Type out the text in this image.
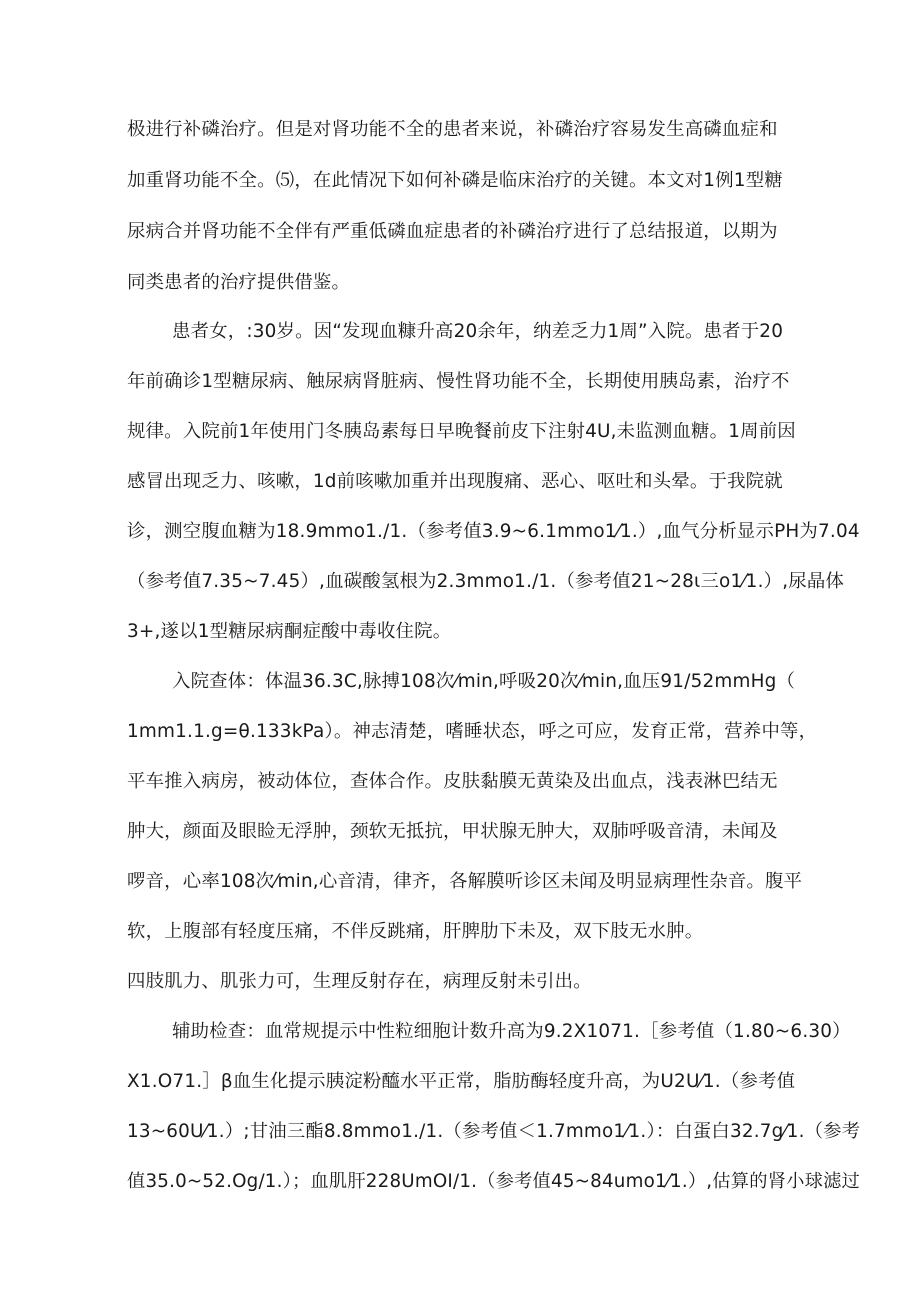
极进行补磷治疗。但是对肾功能不全的患者来说，补磷治疗容易发生高磷血症和
加重肾功能不全。⑸，在此情况下如何补磷是临床治疗的关键。本文对1例1型糖
尿病合并肾功能不全伴有严重低磷血症患者的补磷治疗进行了总结报道，以期为
同类患者的治疗提供借鉴。
患者女，:30岁。因“发现血糠升高20余年，纳差乏力1周”入院。患者于20
年前确诊1型糖尿病、触尿病肾脏病、慢性肾功能不全，长期使用胰岛素，治疗不
规律。入院前1年使用门冬胰岛素每日早晚餐前皮下注射4U,未监测血糖。1周前因
感冒出现乏力、咳嗽，1d前咳嗽加重并出现腹痛、恶心、呕吐和头晕。于我院就
诊，测空腹血糖为18.9mmo1./1.（参考值3.9~6.1mmo1⁄1.）,血气分析显示PH为7.04
（参考值7.35~7.45）,血碳酸氢根为2.3mmo1./1.（参考值21~28ι三o1⁄1.）,尿晶体
3+,遂以1型糖尿病酮症酸中毒收住院。
入院查体：体温36.3C,脉搏108次⁄min,呼吸20次⁄min,血压91/52mmHg（
1mm1.1.g=θ.133kPa）。神志清楚，嗜睡状态，呼之可应，发育正常，营养中等，
平车推入病房，被动体位，查体合作。皮肤黏膜无黄染及出血点，浅表淋巴结无
肿大，颜面及眼睑无浮肿，颈软无抵抗，甲状腺无肿大，双肺呼吸音清，未闻及
啰音，心率108次⁄min,心音清，律齐，各解膜听诊区未闻及明显病理性杂音。腹平
软，上腹部有轻度压痛，不伴反跳痛，肝脾肋下未及，双下肢无水肿。
四肢肌力、肌张力可，生理反射存在，病理反射未引出。
辅助检查：血常规提示中性粒细胞计数升高为9.2X1071.［参考值（1.80~6.30）
X1.O71.］β血生化提示胰淀粉醯水平正常，脂肪酶轻度升高，为U2U⁄1.（参考值
13~60U⁄1.）;甘油三酯8.8mmo1./1.（参考值＜1.7mmo1⁄1.）：白蛋白32.7g⁄1.（参考
值35.0~52.Og/1.）；血肌肝228UmOI/1.（参考值45~84umo1⁄1.）,估算的肾小球滤过
